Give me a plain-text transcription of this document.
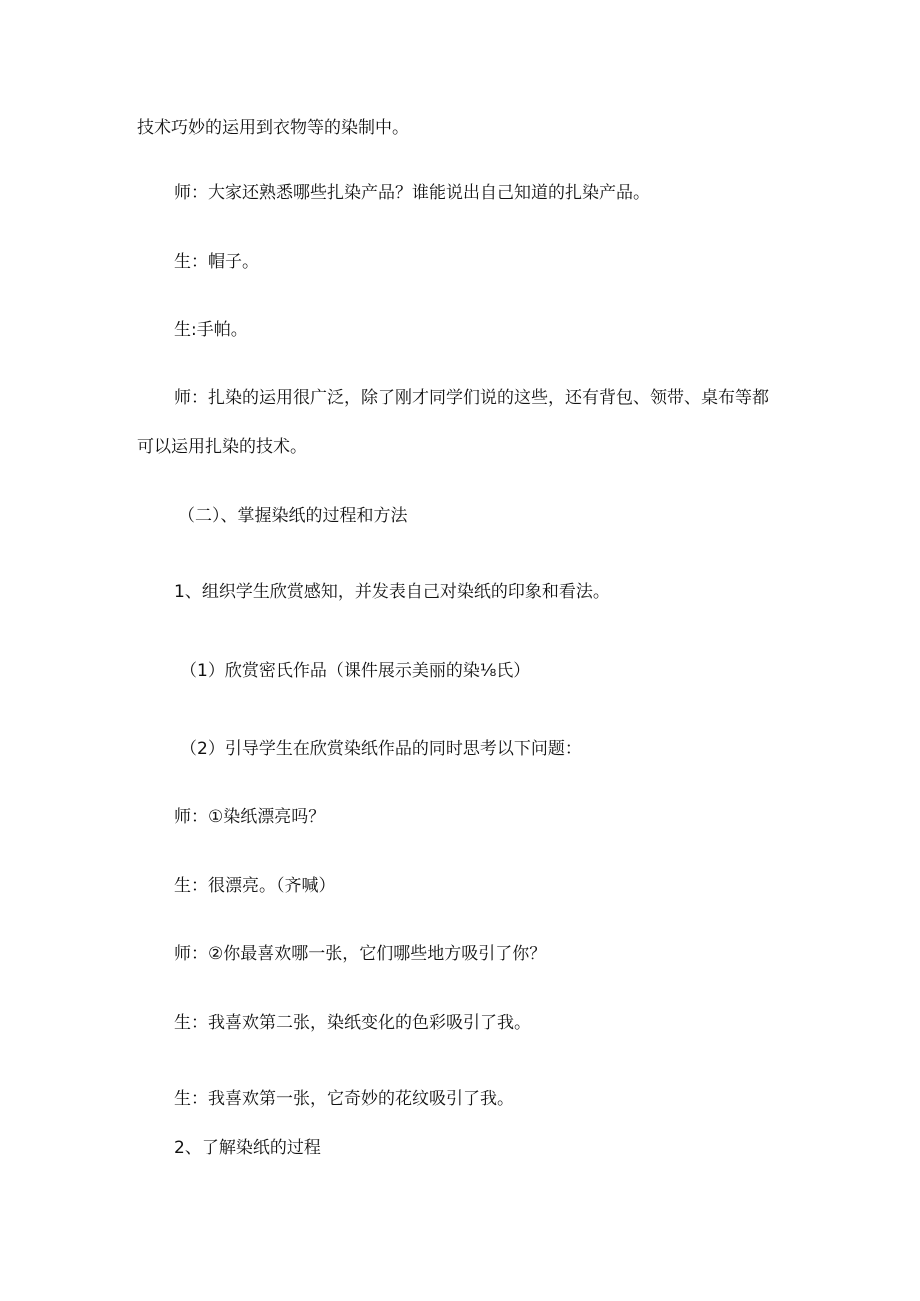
技术巧妙的运用到衣物等的染制中。
师：大家还熟悉哪些扎染产品？谁能说出自己知道的扎染产品。
生：帽子。
生:手帕。
师：扎染的运用很广泛，除了刚才同学们说的这些，还有背包、领带、桌布等都
可以运用扎染的技术。
（二）、掌握染纸的过程和方法
1、组织学生欣赏感知，并发表自己对染纸的印象和看法。
（1）欣赏密氏作品（课件展示美丽的染⅛氏）
（2）引导学生在欣赏染纸作品的同时思考以下问题：
师：①染纸漂亮吗？
生：很漂亮。（齐喊）
师：②你最喜欢哪一张，它们哪些地方吸引了你？
生：我喜欢第二张，染纸变化的色彩吸引了我。
生：我喜欢第一张，它奇妙的花纹吸引了我。
2、了解染纸的过程
